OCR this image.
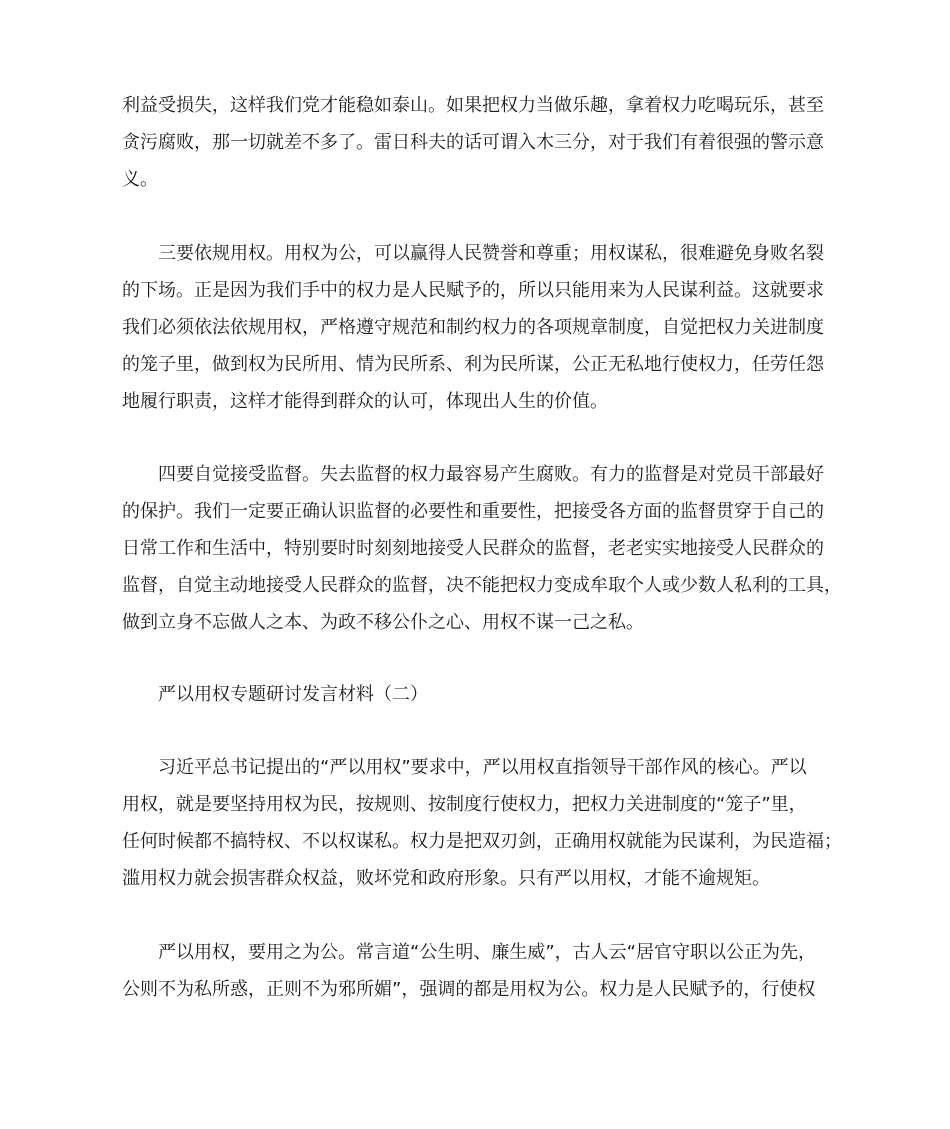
利益受损失，这样我们党才能稳如泰山。如果把权力当做乐趣，拿着权力吃喝玩乐，甚至
贪污腐败，那一切就差不多了。雷日科夫的话可谓入木三分，对于我们有着很强的警示意
义。
三要依规用权。用权为公，可以赢得人民赞誉和尊重；用权谋私，很难避免身败名裂
的下场。正是因为我们手中的权力是人民赋予的，所以只能用来为人民谋利益。这就要求
我们必须依法依规用权，严格遵守规范和制约权力的各项规章制度，自觉把权力关进制度
的笼子里，做到权为民所用、情为民所系、利为民所谋，公正无私地行使权力，任劳任怨
地履行职责，这样才能得到群众的认可，体现出人生的价值。
四要自觉接受监督。失去监督的权力最容易产生腐败。有力的监督是对党员干部最好
的保护。我们一定要正确认识监督的必要性和重要性，把接受各方面的监督贯穿于自己的
日常工作和生活中，特别要时时刻刻地接受人民群众的监督，老老实实地接受人民群众的
监督，自觉主动地接受人民群众的监督，决不能把权力变成牟取个人或少数人私利的工具，
做到立身不忘做人之本、为政不移公仆之心、用权不谋一己之私。
严以用权专题研讨发言材料（二）
习近平总书记提出的“严以用权”要求中，严以用权直指领导干部作风的核心。严以
用权，就是要坚持用权为民，按规则、按制度行使权力，把权力关进制度的“笼子”里，
任何时候都不搞特权、不以权谋私。权力是把双刃剑，正确用权就能为民谋利，为民造福；
滥用权力就会损害群众权益，败坏党和政府形象。只有严以用权，才能不逾规矩。
严以用权，要用之为公。常言道“公生明、廉生威”，古人云“居官守职以公正为先，
公则不为私所惑，正则不为邪所媚”，强调的都是用权为公。权力是人民赋予的，行使权
